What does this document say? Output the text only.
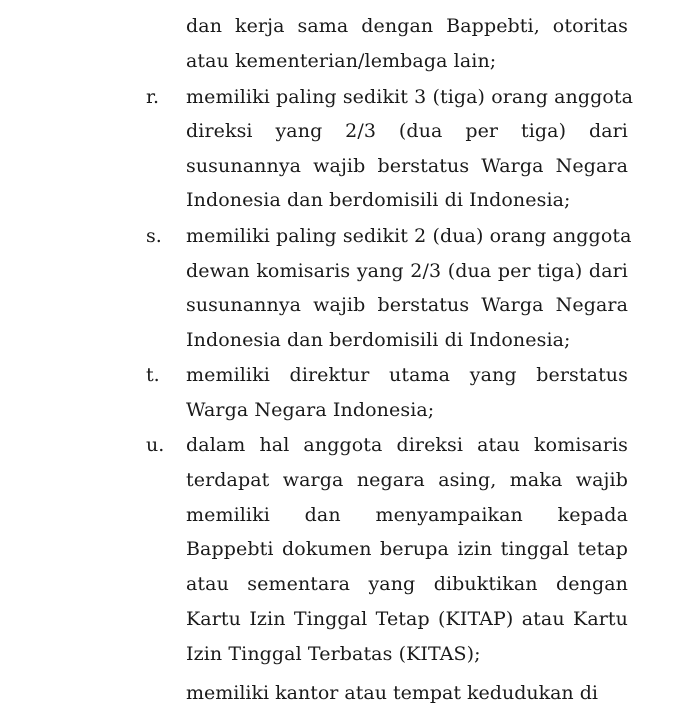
dan kerja sama dengan Bappebti, otoritas
atau kementerian/lembaga lain;
r.	memiliki paling sedikit 3 (tiga) orang anggota
direksi yang 2/3 (dua per tiga) dari
susunannya wajib berstatus Warga Negara
Indonesia dan berdomisili di Indonesia;
s.	memiliki paling sedikit 2 (dua) orang anggota
dewan komisaris yang 2/3 (dua per tiga) dari
susunannya wajib berstatus Warga Negara
Indonesia dan berdomisili di Indonesia;
t.	memiliki direktur utama yang berstatus
Warga Negara Indonesia;
u.	dalam hal anggota direksi atau komisaris
terdapat warga negara asing, maka wajib
memiliki dan menyampaikan kepada
Bappebti dokumen berupa izin tinggal tetap
atau sementara yang dibuktikan dengan
Kartu Izin Tinggal Tetap (KITAP) atau Kartu
Izin Tinggal Terbatas (KITAS);
memiliki kantor atau tempat kedudukan di
